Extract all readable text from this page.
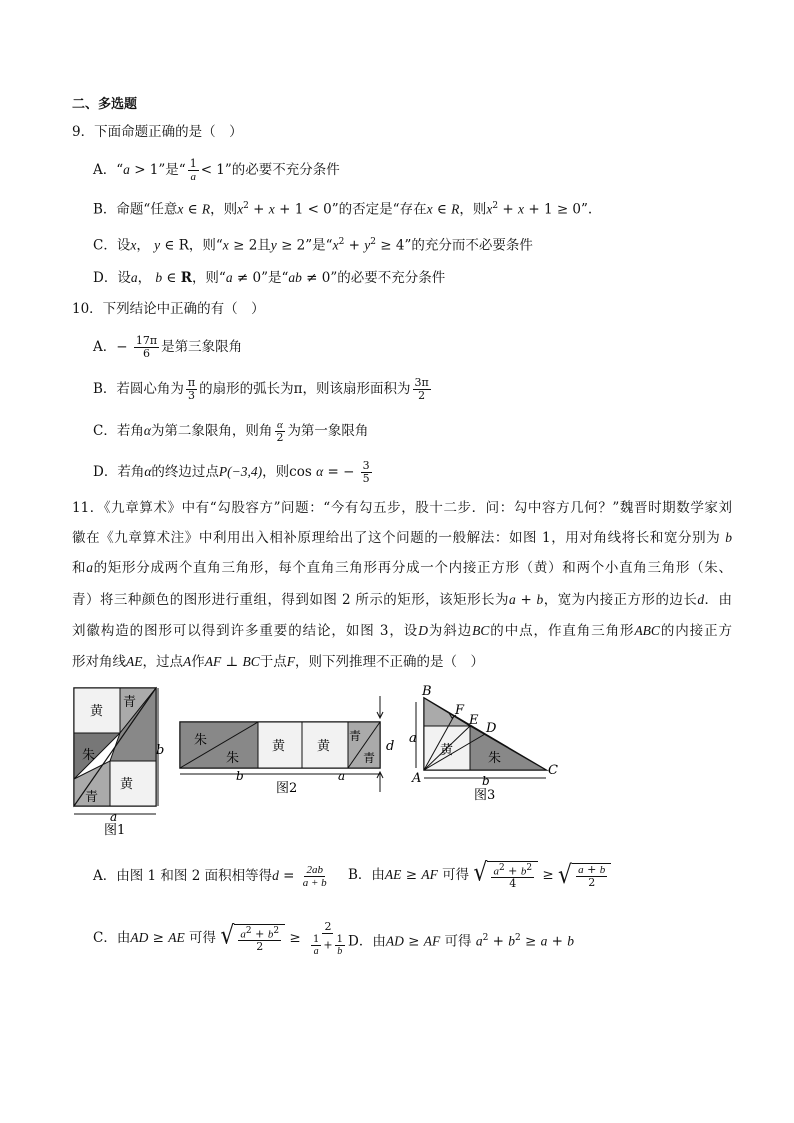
二、多选题
9．下面命题正确的是（　）
A．“a > 1”是“ $\frac{1}{a} < 1$”的必要不充分条件
B．命题“任意x ∈ R，则$x^2 + x + 1 < 0$”的否定是“存在x ∈ R，则$x^2 + x + 1 \ge 0$”.
C．设x， y ∈ R，则“x ≥ 2且y ≥ 2”是“$x^2 + y^2 \ge 4$”的充分而不必要条件
D．设a， b ∈ R，则“a ≠ 0”是“ab ≠ 0”的必要不充分条件
10．下列结论中正确的有（　）
A．− $\frac{17\pi}{6}$ 是第三象限角
B．若圆心角为 $\frac{\pi}{3}$ 的扇形的弧长为π，则该扇形面积为 $\frac{3\pi}{2}$
C．若角α为第二象限角，则角 $\frac{\alpha}{2}$ 为第一象限角
D．若角α的终边过点P(−3,4)，则cos α = − $\frac{3}{5}$
11．《九章算术》中有“勾股容方”问题：“今有勾五步，股十二步．问：勾中容方几何？”魏晋时期数学家刘
徽在《九章算术注》中利用出入相补原理给出了这个问题的一般解法：如图 1，用对角线将长和宽分别为 b
和a的矩形分成两个直角三角形，每个直角三角形再分成一个内接正方形（黄）和两个小直角三角形（朱、
青）将三种颜色的图形进行重组，得到如图 2 所示的矩形，该矩形长为a + b，宽为内接正方形的边长d．由
刘徽构造的图形可以得到许多重要的结论，如图 3，设D为斜边BC的中点，作直角三角形ABC的内接正方
形对角线AE，过点A作AF ⊥ BC于点F，则下列推理不正确的是（　）
黄
青
朱
黄
青
b
a
图1
朱
朱
黄 黄
青
青
d
b	a
图2
B
F
E
D
A
C
黄
朱
a
b
图3
A．由图 1 和图 2 面积相等得$d = \frac{2ab}{a + b}$ B．由AE ≥ AF 可得 √ $\frac{a^2 + b^2}{4}$ ≥ √ $\frac{a + b}{2}$
C．由AD ≥ AE 可得 √ $\frac{a^2 + b^2}{2} \ge \frac{2}{\frac{1}{a} + \frac{1}{b}}$ D．由AD ≥ AF 可得 $a^2 + b^2 \ge a + b$
